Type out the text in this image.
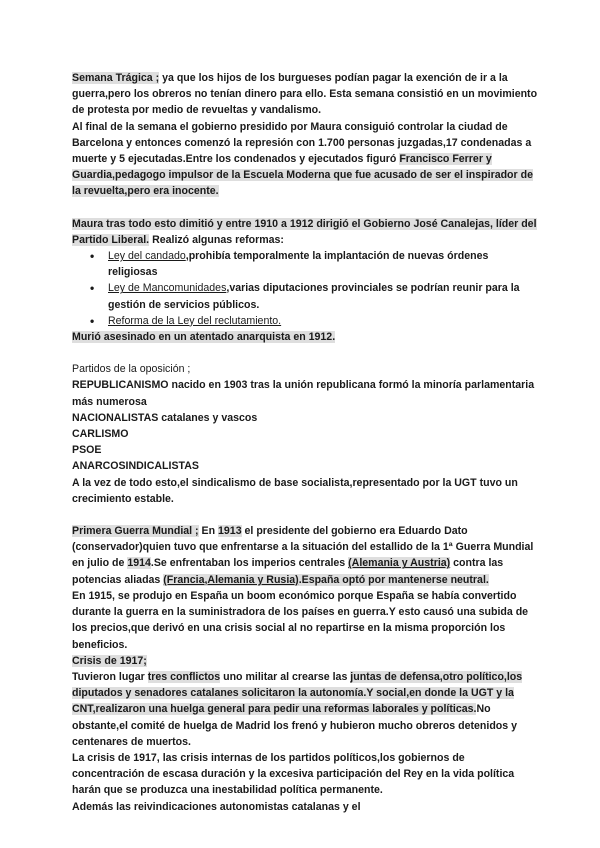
Semana Trágica ; ya que los hijos de los burgueses podían pagar la exención de ir a la guerra,pero los obreros no tenían dinero para ello. Esta semana consistió en un movimiento de protesta por medio de revueltas y vandalismo.

Al final de la semana el gobierno presidido por Maura consiguió controlar la ciudad de Barcelona y entonces comenzó la represión con 1.700 personas juzgadas,17 condenadas a muerte y 5 ejecutadas.Entre los condenados y ejecutados figuró Francisco Ferrer y Guardia,pedagogo impulsor de la Escuela Moderna que fue acusado de ser el inspirador de la revuelta,pero era inocente.

Maura tras todo esto dimitió y entre 1910 a 1912 dirigió el Gobierno José Canalejas, líder del Partido Liberal. Realizó algunas reformas:

• Ley del candado,prohibía temporalmente la implantación de nuevas órdenes religiosas
• Ley de Mancomunidades,varias diputaciones provinciales se podrían reunir para la gestión de servicios públicos.
• Reforma de la Ley del reclutamiento.

Murió asesinado en un atentado anarquista en 1912.

Partidos de la oposición ;

REPUBLICANISMO nacido en 1903 tras la unión republicana formó la minoría parlamentaria más numerosa

NACIONALISTAS catalanes y vascos

CARLISMO

PSOE

ANARCOSINDICALISTAS

A la vez de todo esto,el sindicalismo de base socialista,representado por la UGT tuvo un crecimiento estable.

Primera Guerra Mundial ; En 1913 el presidente del gobierno era Eduardo Dato (conservador)quien tuvo que enfrentarse a la situación del estallido de la 1ª Guerra Mundial en julio de 1914.Se enfrentaban los imperios centrales (Alemania y Austria) contra las potencias aliadas (Francia,Alemania y Rusia).España optó por mantenerse neutral.

En 1915, se produjo en España un boom económico porque España se había convertido durante la guerra en la suministradora de los países en guerra.Y esto causó una subida de los precios,que derivó en una crisis social al no repartirse en la misma proporción los beneficios.

Crisis de 1917;

Tuvieron lugar tres conflictos uno militar al crearse las juntas de defensa,otro político,los diputados y senadores catalanes solicitaron la autonomía.Y social,en donde la UGT y la CNT,realizaron una huelga general para pedir una reformas laborales y políticas.No obstante,el comité de huelga de Madrid los frenó y hubieron mucho obreros detenidos y centenares de muertos.

La crisis de 1917, las crisis internas de los partidos políticos,los gobiernos de concentración de escasa duración y la excesiva participación del Rey en la vida política harán que se produzca una inestabilidad política permanente.

Además las reivindicaciones autonomistas catalanas y el
